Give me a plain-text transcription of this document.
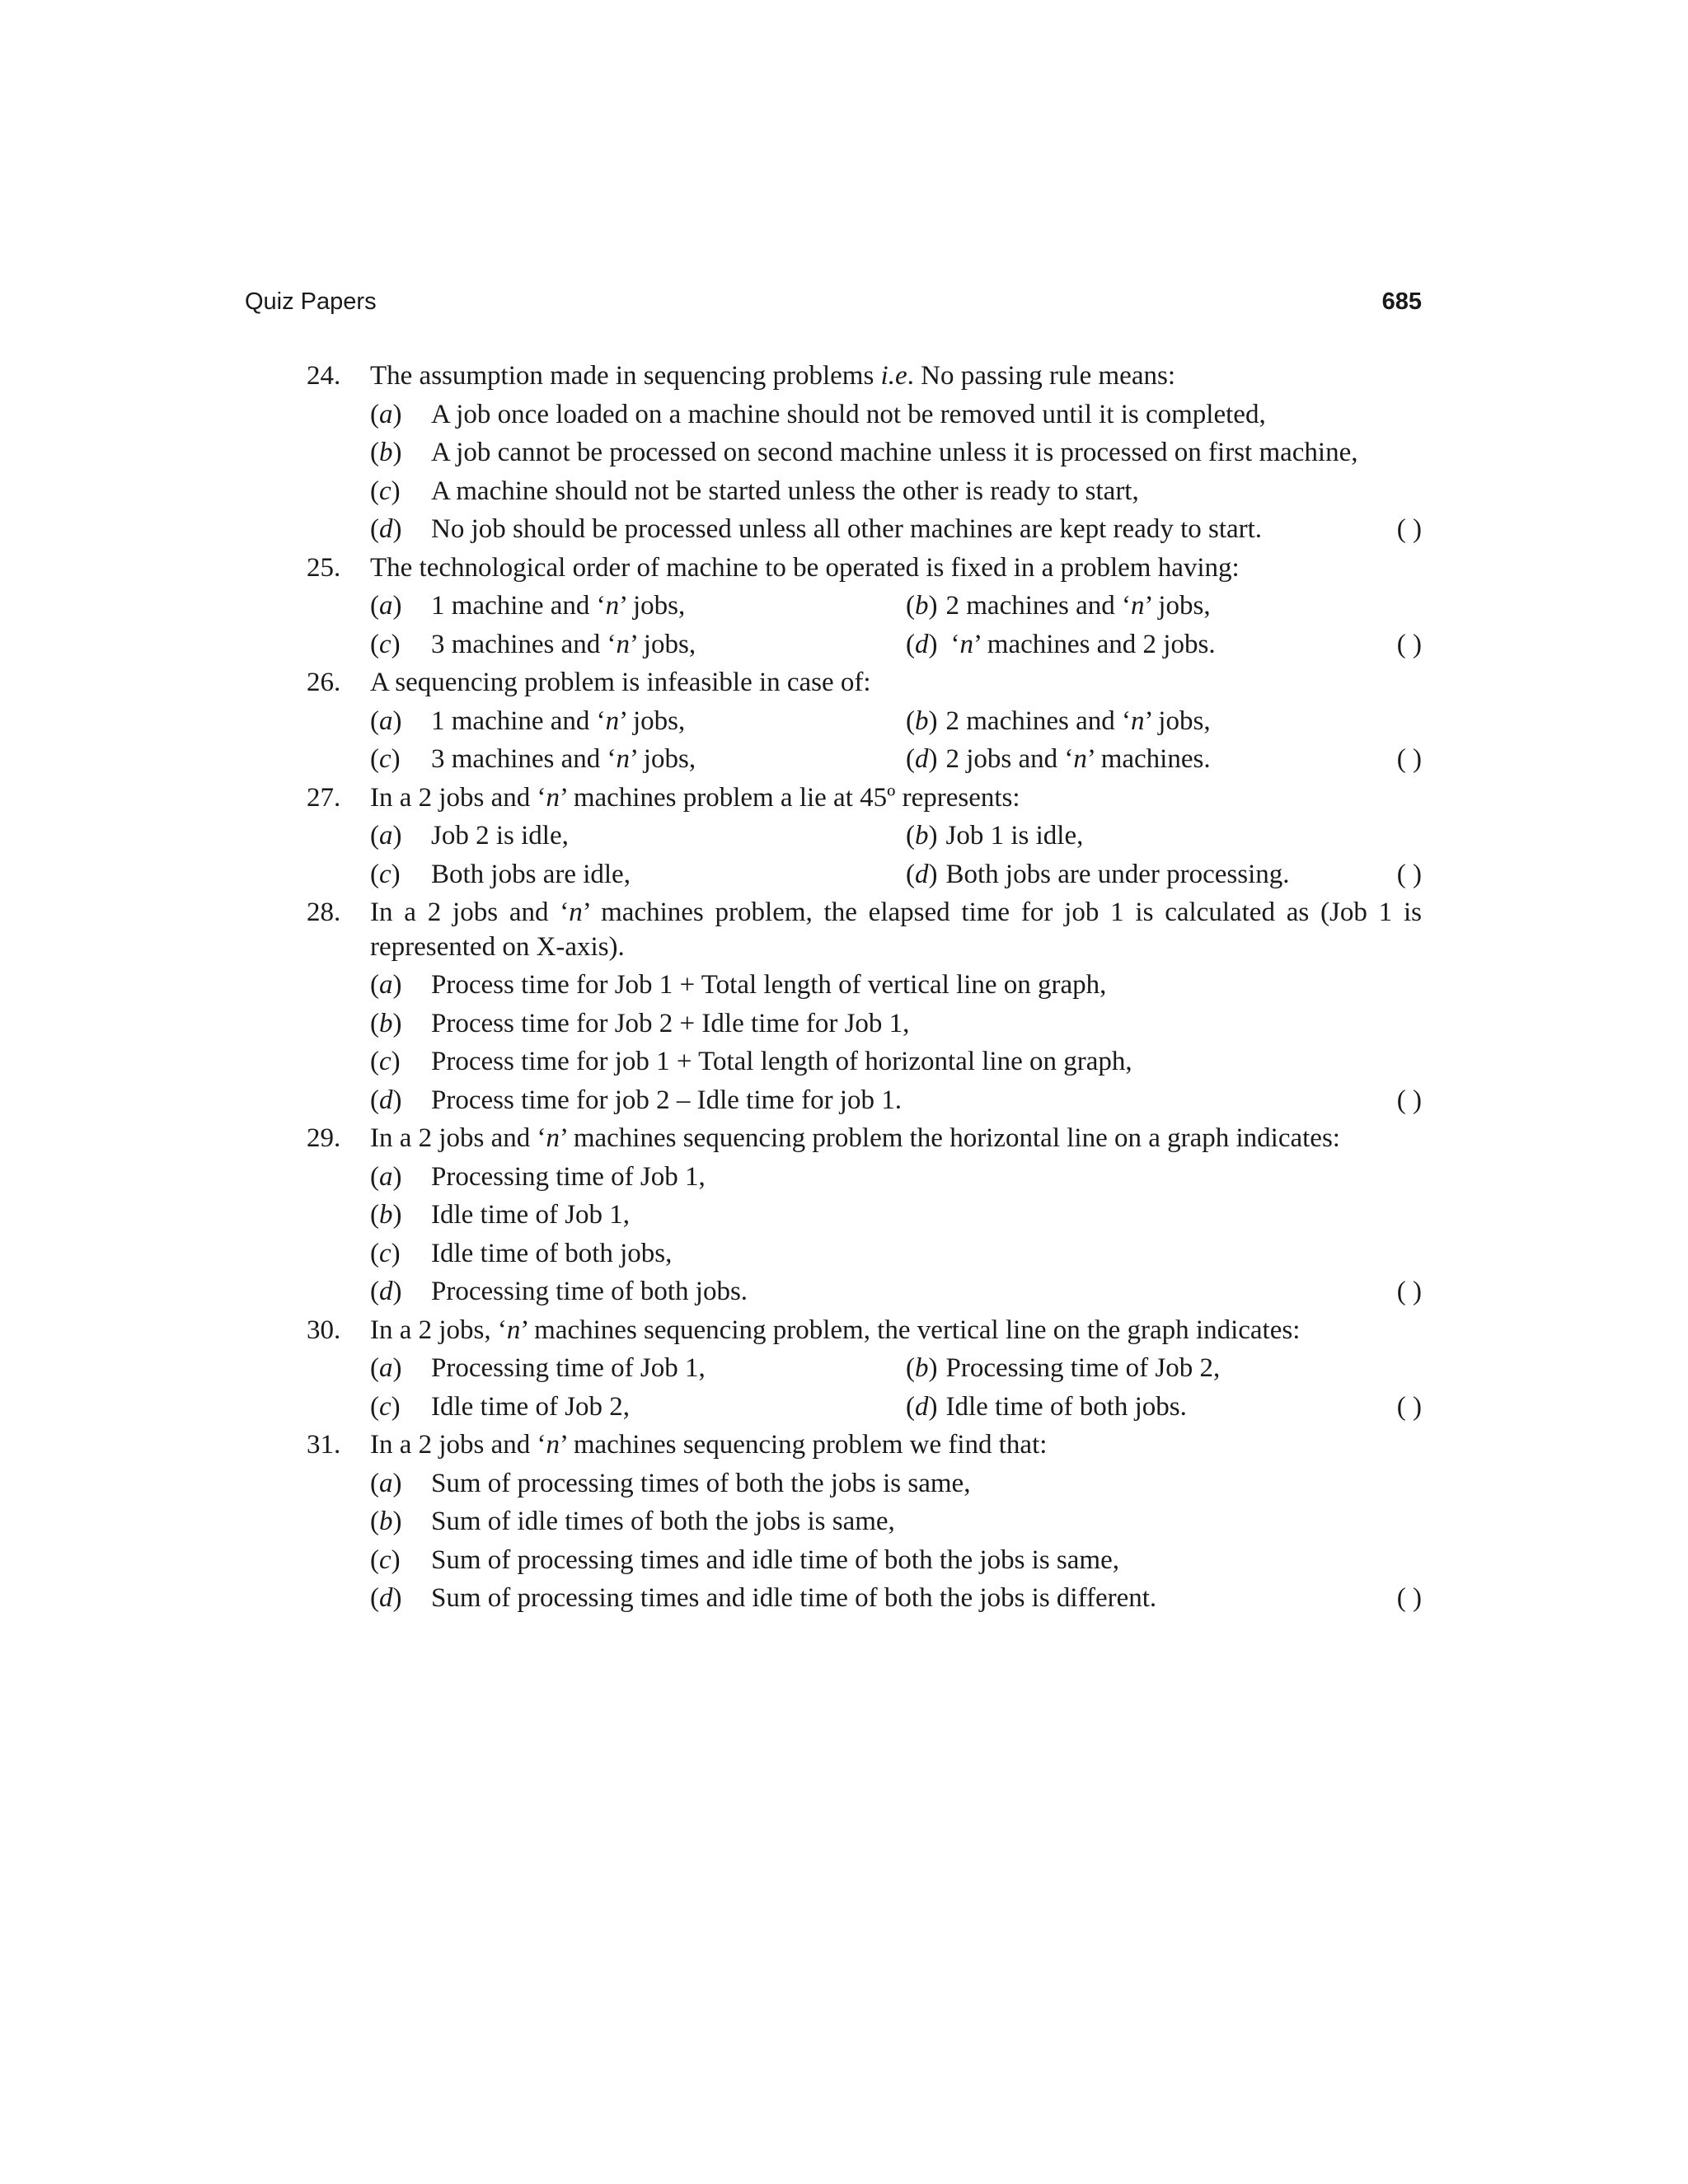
Quiz Papers	685
24. The assumption made in sequencing problems i.e. No passing rule means:
(a) A job once loaded on a machine should not be removed until it is completed,
(b) A job cannot be processed on second machine unless it is processed on first machine,
(c) A machine should not be started unless the other is ready to start,
(d) No job should be processed unless all other machines are kept ready to start.	( )
25. The technological order of machine to be operated is fixed in a problem having:
(a) 1 machine and ‘n’ jobs,	(b) 2 machines and ‘n’ jobs,
(c) 3 machines and ‘n’ jobs,	(d) ‘n’ machines and 2 jobs.	( )
26. A sequencing problem is infeasible in case of:
(a) 1 machine and ‘n’ jobs,	(b) 2 machines and ‘n’ jobs,
(c) 3 machines and ‘n’ jobs,	(d) 2 jobs and ‘n’ machines.	( )
27. In a 2 jobs and ‘n’ machines problem a lie at 45º represents:
(a) Job 2 is idle,	(b) Job 1 is idle,
(c) Both jobs are idle,	(d) Both jobs are under processing.	( )
28. In a 2 jobs and ‘n’ machines problem, the elapsed time for job 1 is calculated as (Job 1 is represented on X-axis).
(a) Process time for Job 1 + Total length of vertical line on graph,
(b) Process time for Job 2 + Idle time for Job 1,
(c) Process time for job 1 + Total length of horizontal line on graph,
(d) Process time for job 2 – Idle time for job 1.	( )
29. In a 2 jobs and ‘n’ machines sequencing problem the horizontal line on a graph indicates:
(a) Processing time of Job 1,
(b) Idle time of Job 1,
(c) Idle time of both jobs,
(d) Processing time of both jobs.	( )
30. In a 2 jobs, ‘n’ machines sequencing problem, the vertical line on the graph indicates:
(a) Processing time of Job 1,	(b) Processing time of Job 2,
(c) Idle time of Job 2,	(d) Idle time of both jobs.	( )
31. In a 2 jobs and ‘n’ machines sequencing problem we find that:
(a) Sum of processing times of both the jobs is same,
(b) Sum of idle times of both the jobs is same,
(c) Sum of processing times and idle time of both the jobs is same,
(d) Sum of processing times and idle time of both the jobs is different.	( )
